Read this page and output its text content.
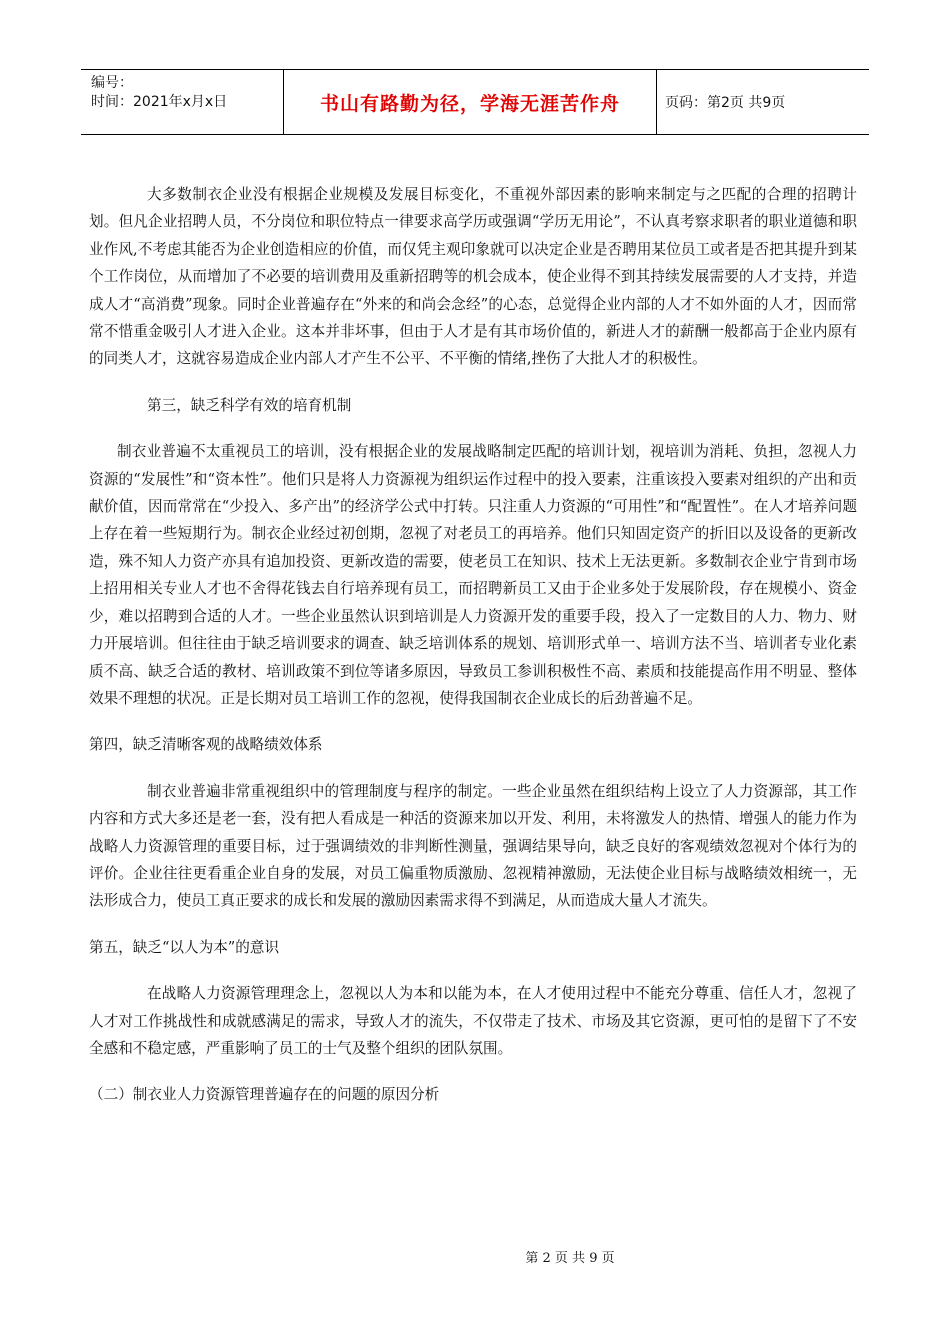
编号：
时间：2021年x月x日	书山有路勤为径，学海无涯苦作舟	页码：第2页 共9页

大多数制衣企业没有根据企业规模及发展目标变化，不重视外部因素的影响来制定与之匹配的合理的招聘计划。但凡企业招聘人员，不分岗位和职位特点一律要求高学历或强调“学历无用论”，不认真考察求职者的职业道德和职业作风,不考虑其能否为企业创造相应的价值，而仅凭主观印象就可以决定企业是否聘用某位员工或者是否把其提升到某个工作岗位，从而增加了不必要的培训费用及重新招聘等的机会成本，使企业得不到其持续发展需要的人才支持，并造成人才“高消费”现象。同时企业普遍存在“外来的和尚会念经”的心态，总觉得企业内部的人才不如外面的人才，因而常常不惜重金吸引人才进入企业。这本并非坏事，但由于人才是有其市场价值的，新进人才的薪酬一般都高于企业内原有的同类人才，这就容易造成企业内部人才产生不公平、不平衡的情绪,挫伤了大批人才的积极性。

第三，缺乏科学有效的培育机制

制衣业普遍不太重视员工的培训，没有根据企业的发展战略制定匹配的培训计划，视培训为消耗、负担，忽视人力资源的“发展性”和“资本性”。他们只是将人力资源视为组织运作过程中的投入要素，注重该投入要素对组织的产出和贡献价值，因而常常在“少投入、多产出”的经济学公式中打转。只注重人力资源的“可用性”和“配置性”。在人才培养问题上存在着一些短期行为。制衣企业经过初创期，忽视了对老员工的再培养。他们只知固定资产的折旧以及设备的更新改造，殊不知人力资产亦具有追加投资、更新改造的需要，使老员工在知识、技术上无法更新。多数制衣企业宁肯到市场上招用相关专业人才也不舍得花钱去自行培养现有员工，而招聘新员工又由于企业多处于发展阶段，存在规模小、资金少，难以招聘到合适的人才。一些企业虽然认识到培训是人力资源开发的重要手段，投入了一定数目的人力、物力、财力开展培训。但往往由于缺乏培训要求的调查、缺乏培训体系的规划、培训形式单一、培训方法不当、培训者专业化素质不高、缺乏合适的教材、培训政策不到位等诸多原因，导致员工参训积极性不高、素质和技能提高作用不明显、整体效果不理想的状况。正是长期对员工培训工作的忽视，使得我国制衣企业成长的后劲普遍不足。

第四，缺乏清晰客观的战略绩效体系

制衣业普遍非常重视组织中的管理制度与程序的制定。一些企业虽然在组织结构上设立了人力资源部，其工作内容和方式大多还是老一套，没有把人看成是一种活的资源来加以开发、利用，未将激发人的热情、增强人的能力作为战略人力资源管理的重要目标，过于强调绩效的非判断性测量，强调结果导向，缺乏良好的客观绩效忽视对个体行为的评价。企业往往更看重企业自身的发展，对员工偏重物质激励、忽视精神激励，无法使企业目标与战略绩效相统一，无法形成合力，使员工真正要求的成长和发展的激励因素需求得不到满足，从而造成大量人才流失。

第五，缺乏“以人为本”的意识

在战略人力资源管理理念上，忽视以人为本和以能为本，在人才使用过程中不能充分尊重、信任人才，忽视了人才对工作挑战性和成就感满足的需求，导致人才的流失，不仅带走了技术、市场及其它资源，更可怕的是留下了不安全感和不稳定感，严重影响了员工的士气及整个组织的团队氛围。

（二）制衣业人力资源管理普遍存在的问题的原因分析

第 2 页 共 9 页
